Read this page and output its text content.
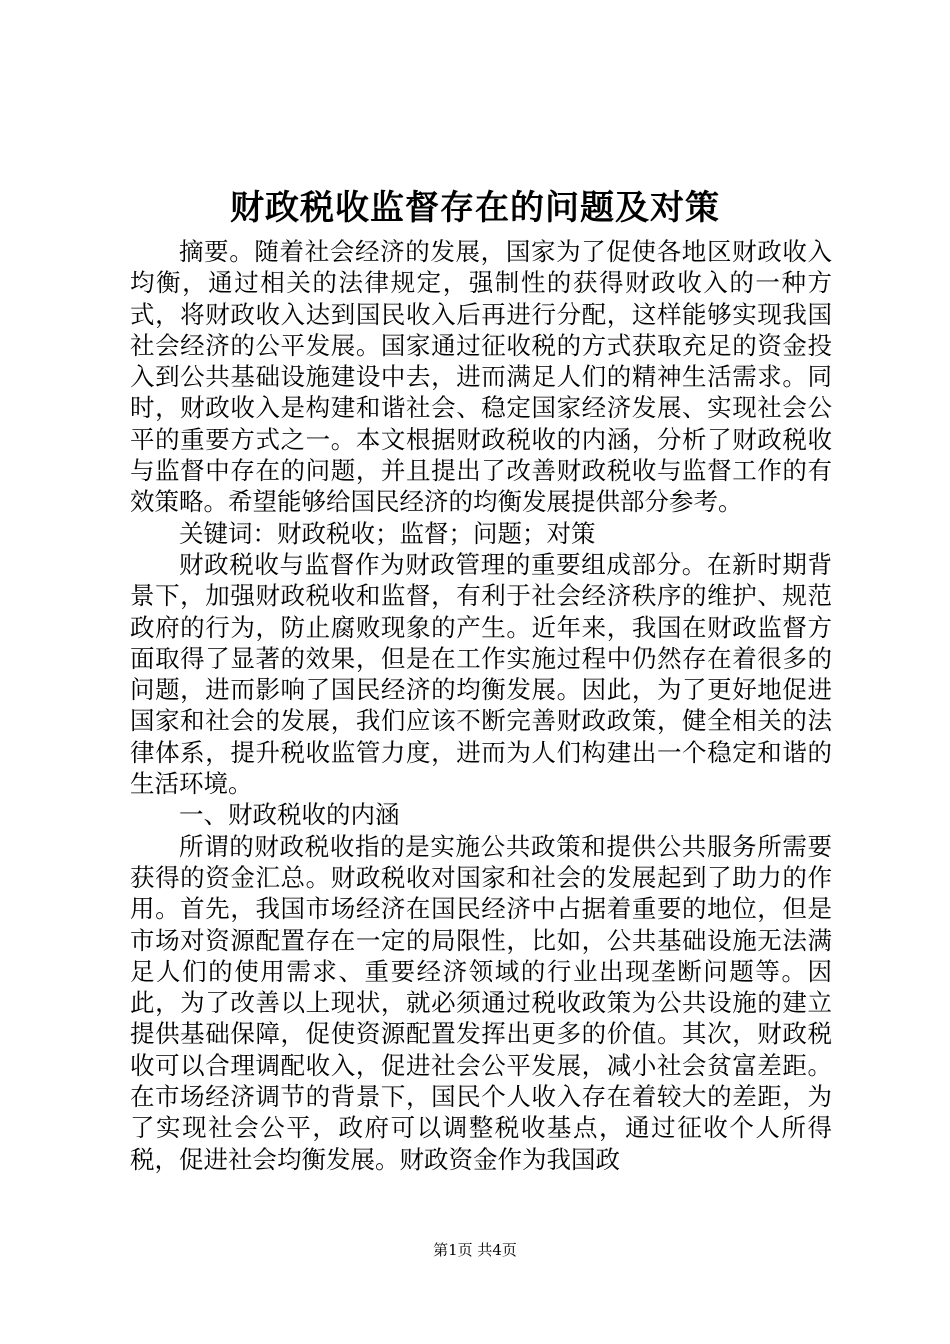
财政税收监督存在的问题及对策

摘要。随着社会经济的发展，国家为了促使各地区财政收入均衡，通过相关的法律规定，强制性的获得财政收入的一种方式，将财政收入达到国民收入后再进行分配，这样能够实现我国社会经济的公平发展。国家通过征收税的方式获取充足的资金投入到公共基础设施建设中去，进而满足人们的精神生活需求。同时，财政收入是构建和谐社会、稳定国家经济发展、实现社会公平的重要方式之一。本文根据财政税收的内涵，分析了财政税收与监督中存在的问题，并且提出了改善财政税收与监督工作的有效策略。希望能够给国民经济的均衡发展提供部分参考。

关键词：财政税收；监督；问题；对策

财政税收与监督作为财政管理的重要组成部分。在新时期背景下，加强财政税收和监督，有利于社会经济秩序的维护、规范政府的行为，防止腐败现象的产生。近年来，我国在财政监督方面取得了显著的效果，但是在工作实施过程中仍然存在着很多的问题，进而影响了国民经济的均衡发展。因此，为了更好地促进国家和社会的发展，我们应该不断完善财政政策，健全相关的法律体系，提升税收监管力度，进而为人们构建出一个稳定和谐的生活环境。

一、财政税收的内涵

所谓的财政税收指的是实施公共政策和提供公共服务所需要获得的资金汇总。财政税收对国家和社会的发展起到了助力的作用。首先，我国市场经济在国民经济中占据着重要的地位，但是市场对资源配置存在一定的局限性，比如，公共基础设施无法满足人们的使用需求、重要经济领域的行业出现垄断问题等。因此，为了改善以上现状，就必须通过税收政策为公共设施的建立提供基础保障，促使资源配置发挥出更多的价值。其次，财政税收可以合理调配收入，促进社会公平发展，减小社会贫富差距。在市场经济调节的背景下，国民个人收入存在着较大的差距，为了实现社会公平，政府可以调整税收基点，通过征收个人所得税，促进社会均衡发展。财政资金作为我国政

第1页 共4页
